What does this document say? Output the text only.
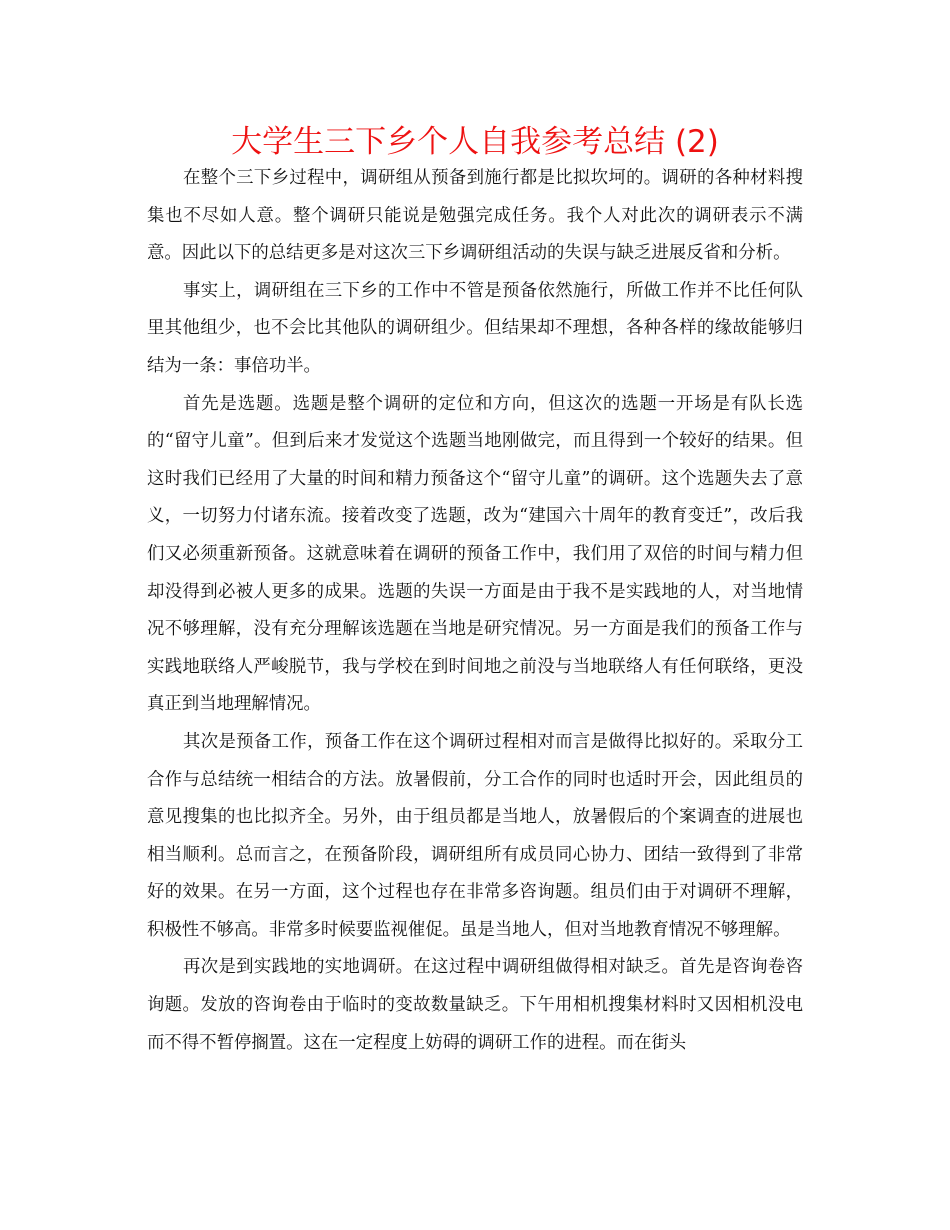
大学生三下乡个人自我参考总结 (2)

在整个三下乡过程中，调研组从预备到施行都是比拟坎坷的。调研的各种材料搜集也不尽如人意。整个调研只能说是勉强完成任务。我个人对此次的调研表示不满意。因此以下的总结更多是对这次三下乡调研组活动的失误与缺乏进展反省和分析。

事实上，调研组在三下乡的工作中不管是预备依然施行，所做工作并不比任何队里其他组少，也不会比其他队的调研组少。但结果却不理想，各种各样的缘故能够归结为一条：事倍功半。

首先是选题。选题是整个调研的定位和方向，但这次的选题一开场是有队长选的“留守儿童”。但到后来才发觉这个选题当地刚做完，而且得到一个较好的结果。但这时我们已经用了大量的时间和精力预备这个“留守儿童”的调研。这个选题失去了意义，一切努力付诸东流。接着改变了选题，改为“建国六十周年的教育变迁”，改后我们又必须重新预备。这就意味着在调研的预备工作中，我们用了双倍的时间与精力但却没得到必被人更多的成果。选题的失误一方面是由于我不是实践地的人，对当地情况不够理解，没有充分理解该选题在当地是研究情况。另一方面是我们的预备工作与实践地联络人严峻脱节，我与学校在到时间地之前没与当地联络人有任何联络，更没真正到当地理解情况。

其次是预备工作，预备工作在这个调研过程相对而言是做得比拟好的。采取分工合作与总结统一相结合的方法。放暑假前，分工合作的同时也适时开会，因此组员的意见搜集的也比拟齐全。另外，由于组员都是当地人，放暑假后的个案调查的进展也相当顺利。总而言之，在预备阶段，调研组所有成员同心协力、团结一致得到了非常好的效果。在另一方面，这个过程也存在非常多咨询题。组员们由于对调研不理解，积极性不够高。非常多时候要监视催促。虽是当地人，但对当地教育情况不够理解。

再次是到实践地的实地调研。在这过程中调研组做得相对缺乏。首先是咨询卷咨询题。发放的咨询卷由于临时的变故数量缺乏。下午用相机搜集材料时又因相机没电而不得不暂停搁置。这在一定程度上妨碍的调研工作的进程。而在街头
